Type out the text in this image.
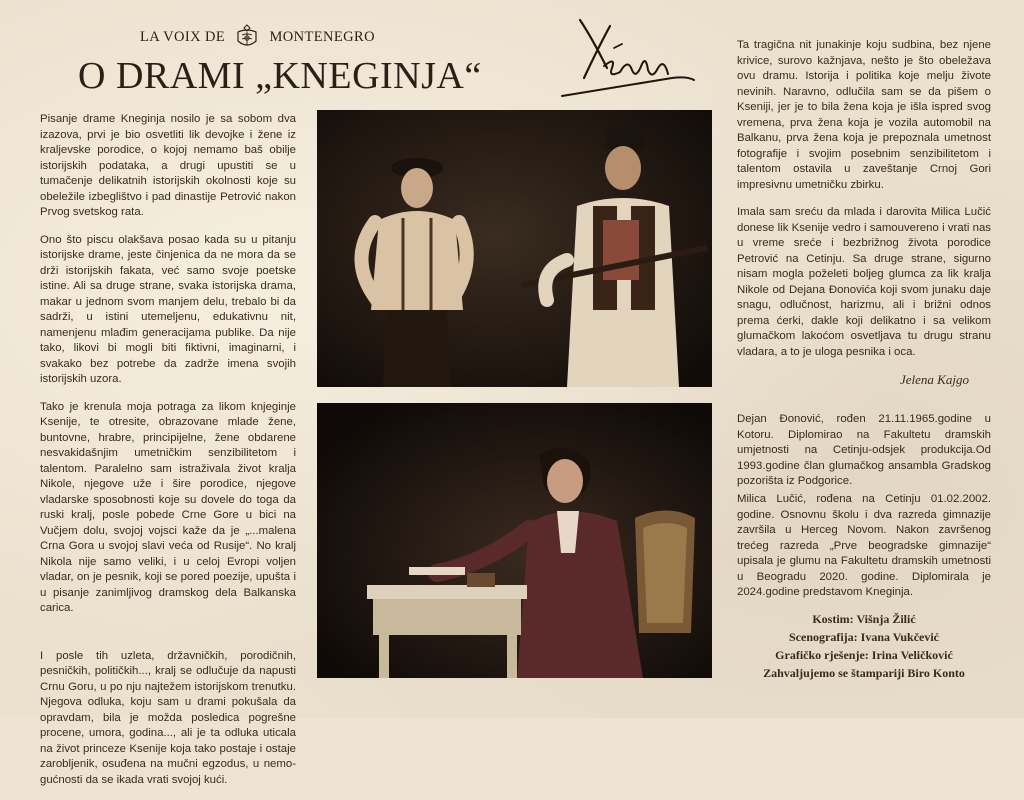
LA VOIX DE	MONTENEGRO
O DRAMI „KNEGINJA“

Pisanje drame Kneginja nosilo je sa sobom dva izazova, prvi je bio osvetliti lik devojke i žene iz kraljevske porodice, o kojoj nemamo baš obilje istorijskih podataka, a drugi upustiti se u tumačenje delikatnih istorijskih okolnosti koje su obeležile izbeglištvo i pad dinastije Petrović nakon Prvog svetskog rata.

Ono što piscu olakšava posao kada su u pitanju istorijske drame, jeste činjenica da ne mora da se drži istorijskih fakata, već samo svoje poetske istine. Ali sa druge strane, svaka istorijska drama, makar u jednom svom manjem delu, trebalo bi da sadrži, u istini utemeljenu, edukativnu nit, namenjenu mlađim generacijama publike. Da nije tako, likovi bi mogli biti fiktivni, imaginarni, i svakako bez potrebe da zadrže imena svojih istorijskih uzora.

Tako je krenula moja potraga za likom knjeginje Ksenije, te otresite, obrazovane mlade žene, buntovne, hrabre, principijelne, žene obdarene nesvakidašnjim umetničkim senzibilitetom i talentom. Paralelno sam istraživala život kralja Nikole, njegove uže i šire porodice, njegove vladarske sposobnosti koje su dovele do toga da ruski kralj, posle pobede Crne Gore u bici na Vučjem dolu, svojoj vojsci kaže da je „...malena Crna Gora u svojoj slavi veća od Rusije“. No kralj Nikola nije samo veliki, i u celoj Evropi voljen vladar, on je pesnik, koji se pored poezije, upušta i u pisanje zanimljivog dramskog dela Balkanska carica.

I posle tih uzleta, državničkih, porodičnih, pesničkih, političkih..., kralj se odlučuje da napusti Crnu Goru, u po nju najtežem istorijskom trenutku. Njegova odluka, koju sam u drami pokušala da opravdam, bila je možda posledica pogrešne procene, umora, godina..., ali je ta odluka uticala na život princeze Ksenije koja tako postaje i ostaje zarobljenik, osuđena na mučni egzodus, u nemo-gućnosti da se ikada vrati svojoj kući.

Ta tragična nit junakinje koju sudbina, bez njene krivice, surovo kažnjava, nešto je što obeležava ovu dramu. Istorija i politika koje melju živote nevinih. Naravno, odlučila sam se da pišem o Kseniji, jer je to bila žena koja je išla ispred svog vremena, prva žena koja je vozila automobil na Balkanu, prva žena koja je prepoznala umetnost fotografije i svojim posebnim senzibilitetom i talentom ostavila u zaveštanje Crnoj Gori impresivnu umetničku zbirku.

Imala sam sreću da mlada i darovita Milica Lučić donese lik Ksenije vedro i samouvereno i vrati nas u vreme sreće i bezbrižnog života porodice Petrović na Cetinju. Sa druge strane, sigurno nisam mogla poželeti boljeg glumca za lik kralja Nikole od Dejana Đonovića koji svom junaku daje snagu, odlučnost, harizmu, ali i brižni odnos prema ćerki, dakle koji delikatno i sa velikom glumačkom lakoćom osvetljava tu drugu stranu vladara, a to je uloga pesnika i oca.

Jelena Kajgo
Dejan Đonović, rođen 21.11.1965.godine u Kotoru. Diplomirao na Fakultetu dramskih umjetnosti na Cetinju-odsjek produkcija.Od 1993.godine član glumačkog ansambla Gradskog pozorišta iz Podgorice.
Milica Lučić, rođena na Cetinju 01.02.2002. godine. Osnovnu školu i dva razreda gimnazije završila u Herceg Novom. Nakon završenog trećeg razreda „Prve beogradske gimnazije“ upisala je glumu na Fakultetu dramskih umetnosti u Beogradu 2020. godine. Diplomirala je 2024.godine predstavom Kneginja.
Kostim: Višnja Žilić
Scenografija: Ivana Vukčević
Grafičko rješenje: Irina Veličković
Zahvaljujemo se štampariji Biro Konto
